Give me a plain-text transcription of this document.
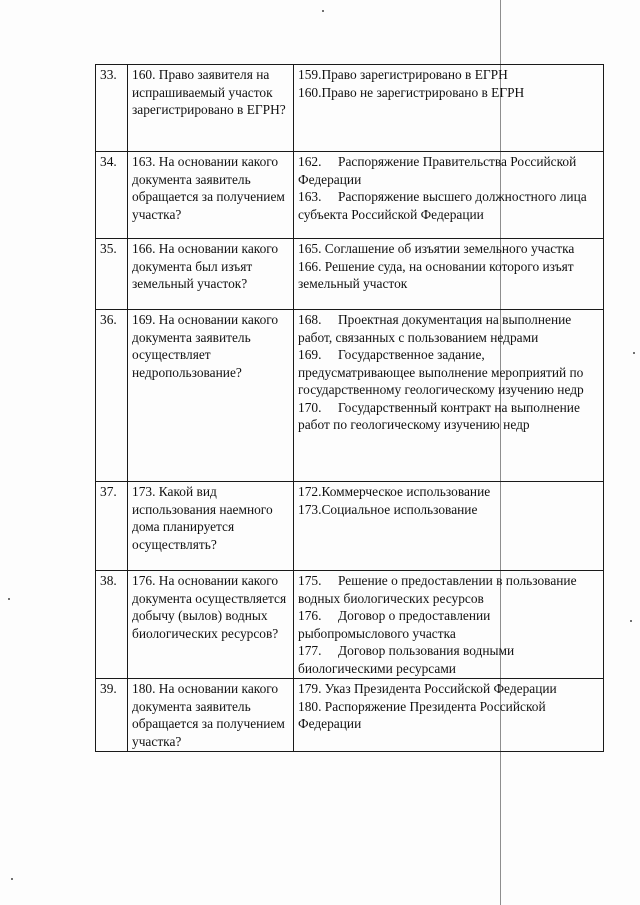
33.	160. Право заявителя на испрашиваемый участок зарегистрировано в ЕГРН?	159.Право зарегистрировано в ЕГРН
160.Право не зарегистрировано в ЕГРН

34.	163. На основании какого документа заявитель обращается за получением участка?	162. Распоряжение Правительства Российской Федерации
163. Распоряжение высшего должностного лица субъекта Российской Федерации

35.	166. На основании какого документа был изъят земельный участок?	165. Соглашение об изъятии земельного участка
166. Решение суда, на основании которого изъят земельный участок

36.	169. На основании какого документа заявитель осуществляет недропользование?	168. Проектная документация на выполнение работ, связанных с пользованием недрами
169. Государственное задание, предусматривающее выполнение мероприятий по государственному геологическому изучению недр
170. Государственный контракт на выполнение работ по геологическому изучению недр

37.	173. Какой вид использования наемного дома планируется осуществлять?	172.Коммерческое использование
173.Социальное использование

38.	176. На основании какого документа осуществляется добычу (вылов) водных биологических ресурсов?	175. Решение о предоставлении в пользование водных биологических ресурсов
176. Договор о предоставлении рыбопромыслового участка
177. Договор пользования водными биологическими ресурсами

39.	180. На основании какого документа заявитель обращается за получением участка?	179. Указ Президента Российской Федерации
180. Распоряжение Президента Российской Федерации
